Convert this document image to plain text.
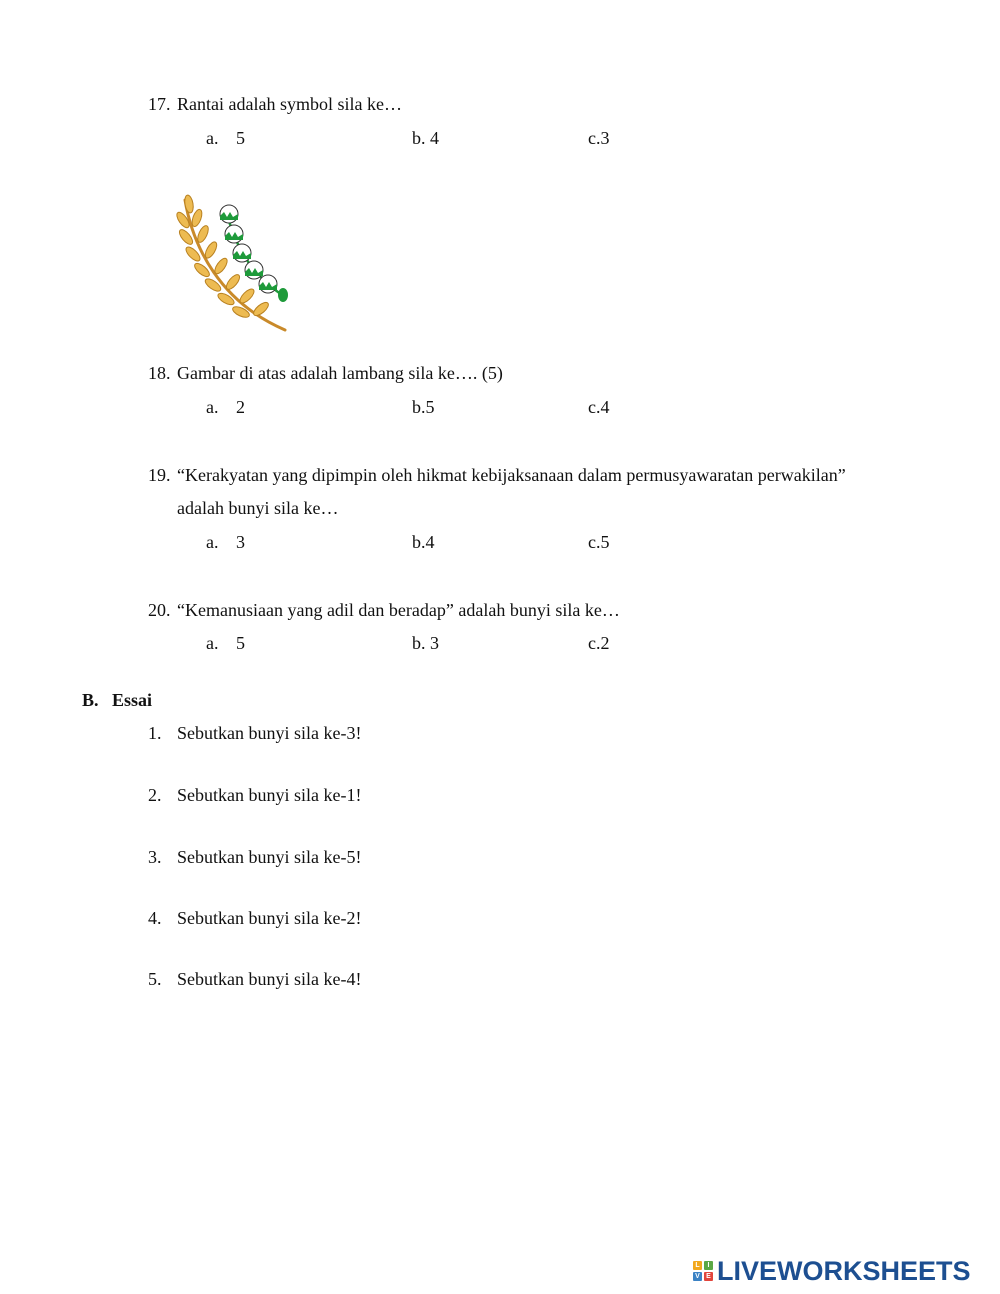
17. Rantai adalah symbol sila ke…
a. 5	b. 4	c.3
18. Gambar di atas adalah lambang sila ke…. (5)
a. 2	b.5	c.4
19. “Kerakyatan yang dipimpin oleh hikmat kebijaksanaan dalam permusyawaratan perwakilan”
adalah bunyi sila ke…
a. 3	b.4	c.5
20. “Kemanusiaan yang adil dan beradap” adalah bunyi sila ke…
a. 5	b. 3	c.2
B. Essai
1. Sebutkan bunyi sila ke-3!
2. Sebutkan bunyi sila ke-1!
3. Sebutkan bunyi sila ke-5!
4. Sebutkan bunyi sila ke-2!
5. Sebutkan bunyi sila ke-4!
L	I
V E LIVEWORKSHEETS
